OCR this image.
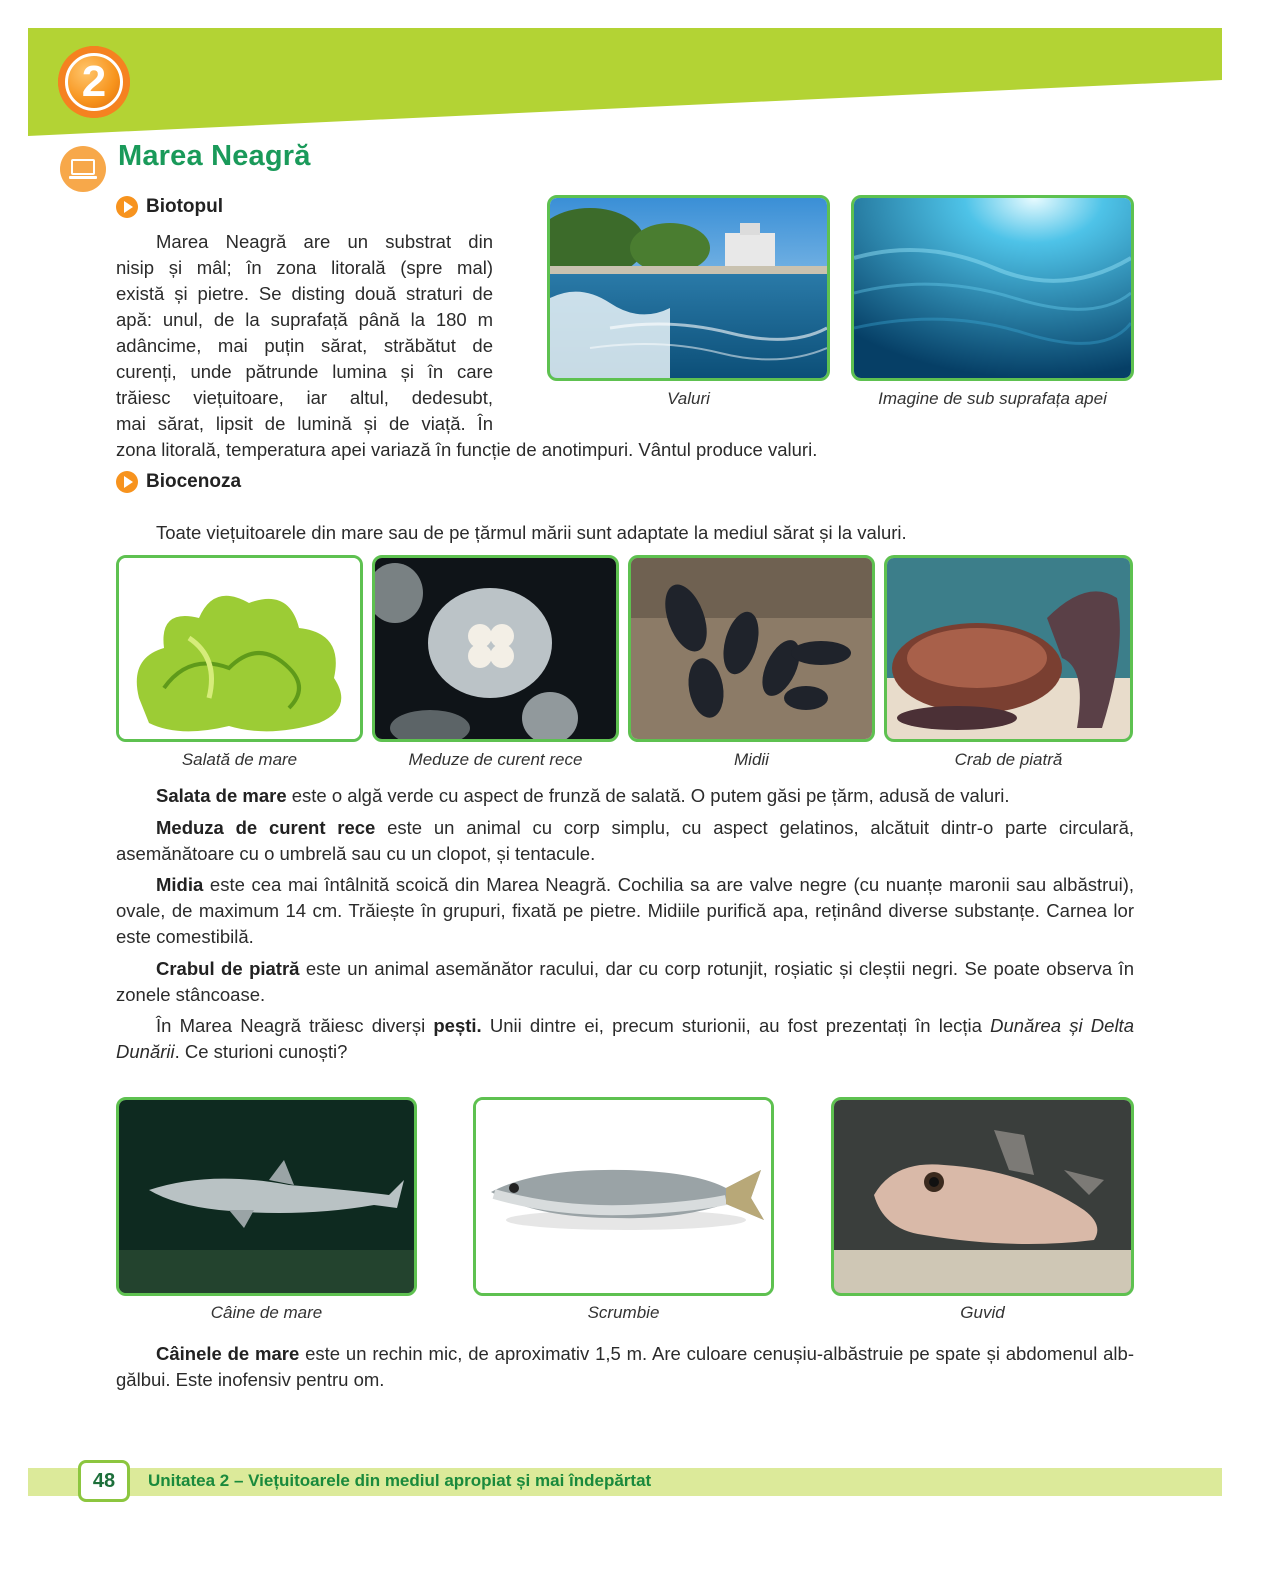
2
Marea Neagră
Biotopul
Marea Neagră are un substrat din
nisip și mâl; în zona litorală (spre mal)
există și pietre. Se disting două straturi de
apă: unul, de la suprafață până la 180 m
adâncime, mai puțin sărat, străbătut de
curenți, unde pătrunde lumina și în care
trăiesc viețuitoare, iar altul, dedesubt,
mai sărat, lipsit de lumină și de viață. În
zona litorală, temperatura apei variază în funcție de anotimpuri. Vântul produce valuri.
Valuri	Imagine de sub suprafața apei
Biocenoza
Toate viețuitoarele din mare sau de pe țărmul mării sunt adaptate la mediul sărat și la valuri.
Salată de mare	Meduze de curent rece	Midii	Crab de piatră
Salata de mare este o algă verde cu aspect de frunză de salată. O putem găsi pe țărm, adusă de valuri.
Meduza de curent rece este un animal cu corp simplu, cu aspect gelatinos, alcătuit dintr-o parte circulară, asemănătoare cu o umbrelă sau cu un clopot, și tentacule.
Midia este cea mai întâlnită scoică din Marea Neagră. Cochilia sa are valve negre (cu nuanțe maronii sau albăstrui), ovale, de maximum 14 cm. Trăiește în grupuri, fixată pe pietre. Midiile purifică apa, reținând diverse substanțe. Carnea lor este comestibilă.
Crabul de piatră este un animal asemănător racului, dar cu corp rotunjit, roșiatic și cleștii negri. Se poate observa în zonele stâncoase.
În Marea Neagră trăiesc diverși pești. Unii dintre ei, precum sturionii, au fost prezentați în lecția Dunărea și Delta Dunării. Ce sturioni cunoști?
Câine de mare	Scrumbie	Guvid
Câinele de mare este un rechin mic, de aproximativ 1,5 m. Are culoare cenușiu-albăstruie pe spate și abdomenul alb-gălbui. Este inofensiv pentru om.
48	Unitatea 2 – Viețuitoarele din mediul apropiat și mai îndepărtat
